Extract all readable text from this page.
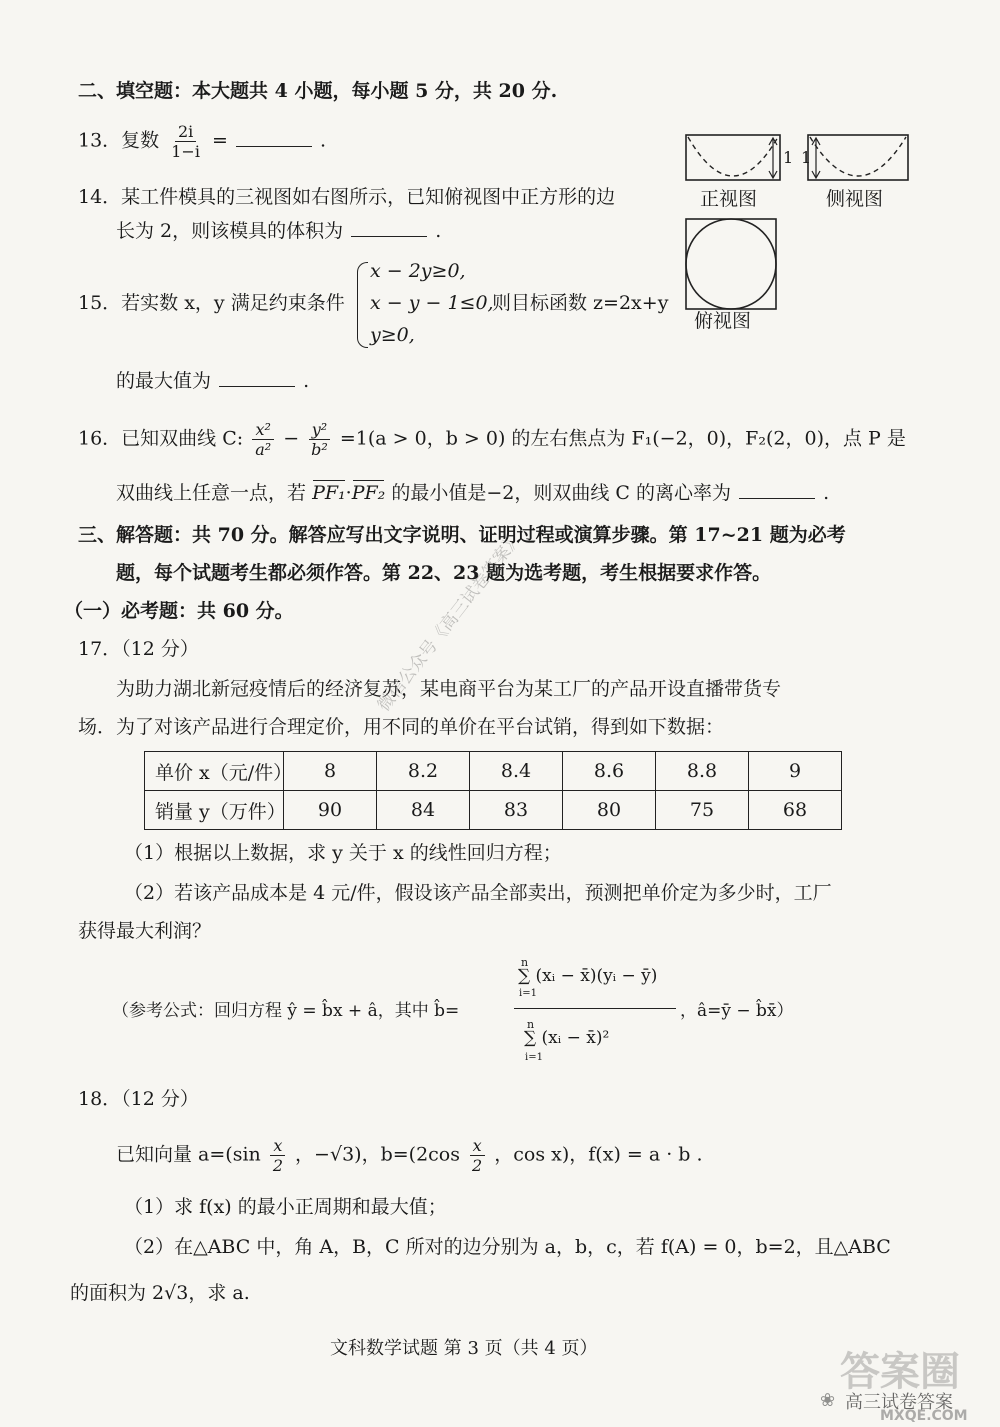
二、填空题：本大题共 4 小题，每小题 5 分，共 20 分.
13．复数 $\frac{2i}{1-i}$ =	.
14．某工件模具的三视图如右图所示，已知俯视图中正方形的边
长为 2，则该模具的体积为	.
1 1
正视图	侧视图
俯视图
15．若实数 x，y 满足约束条件
x − 2y≥0,
x − y − 1≤0,
y≥0,
则目标函数 z=2x+y
的最大值为	.
16．已知双曲线 C: $\frac{\text{x²}}{\text{a²}} - \frac{\text{y²}}{\text{b²}} =1(a > 0$，b > 0) 的左右焦点为 F₁(−2，0)，F₂(2，0)，点 P 是
双曲线上任意一点，若 PF₁·PF₂ 的最小值是−2，则双曲线 C 的离心率为	.
三、解答题：共 70 分。解答应写出文字说明、证明过程或演算步骤。第 17~21 题为必考
题，每个试题考生都必须作答。第 22、23 题为选考题，考生根据要求作答。
（一）必考题：共 60 分。
17．（12 分）
为助力湖北新冠疫情后的经济复苏，某电商平台为某工厂的产品开设直播带货专
场．为了对该产品进行合理定价，用不同的单价在平台试销，得到如下数据：
单价 x（元/件）	8	8.2	8.4	8.6	8.8	9
销量 y（万件）	90	84	83	80	75	68
（1）根据以上数据，求 y 关于 x 的线性回归方程；
（2）若该产品成本是 4 元/件，假设该产品全部卖出，预测把单价定为多少时，工厂
获得最大利润？
（参考公式：回归方程 ŷ = b̂x + â，其中 b̂=
∑ (xᵢ − x̄)(yᵢ − ȳ)
n
i=1
∑ (xᵢ − x̄)²
n
i=1
，â=ȳ − b̂x̄）
18．（12 分）
已知向量 $a=(\sin \frac{x}{2}$ ，−√3)，$b=(2\cos \frac{x}{2}$ ，cos x)，f(x) = a · b .
（1）求 f(x) 的最小正周期和最大值；
（2）在△ABC 中，角 A，B，C 所对的边分别为 a，b，c，若 f(A) = 0，b=2，且△ABC
的面积为 2√3，求 a.
文科数学试题 第 3 页（共 4 页）
微信公众号《高三试卷答案》
答案圈
❀ 高三试卷答案
MXQE.COM
